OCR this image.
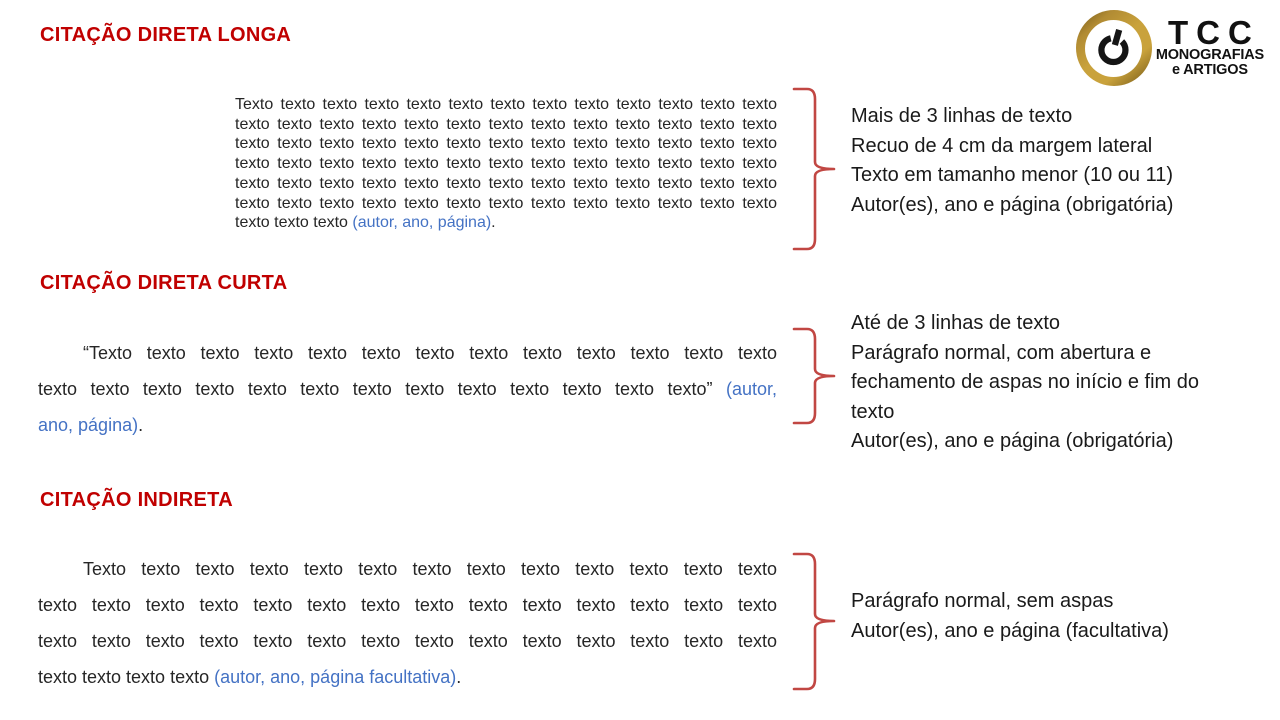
CITAÇÃO DIRETA LONGA
CITAÇÃO DIRETA CURTA
CITAÇÃO INDIRETA
Texto texto texto texto texto texto texto texto texto texto texto texto texto
texto texto texto texto texto texto texto texto texto texto texto texto texto
texto texto texto texto texto texto texto texto texto texto texto texto texto
texto texto texto texto texto texto texto texto texto texto texto texto texto
texto texto texto texto texto texto texto texto texto texto texto texto texto
texto texto texto texto texto texto texto texto texto texto texto texto texto
texto texto texto (autor, ano, página).
“Texto texto texto texto texto texto texto texto texto texto texto texto texto
texto texto texto texto texto texto texto texto texto texto texto texto texto” (autor,
ano, página).
Texto texto texto texto texto texto texto texto texto texto texto texto texto
texto texto texto texto texto texto texto texto texto texto texto texto texto texto
texto texto texto texto texto texto texto texto texto texto texto texto texto texto
texto texto texto texto (autor, ano, página facultativa).
Mais de 3 linhas de texto
Recuo de 4 cm da margem lateral
Texto em tamanho menor (10 ou 11)
Autor(es), ano e página (obrigatória)
Até de 3 linhas de texto
Parágrafo normal, com abertura e
fechamento de aspas no início e fim do
texto
Autor(es), ano e página (obrigatória)
Parágrafo normal, sem aspas
Autor(es), ano e página (facultativa)
TCC
MONOGRAFIAS
e ARTIGOS
